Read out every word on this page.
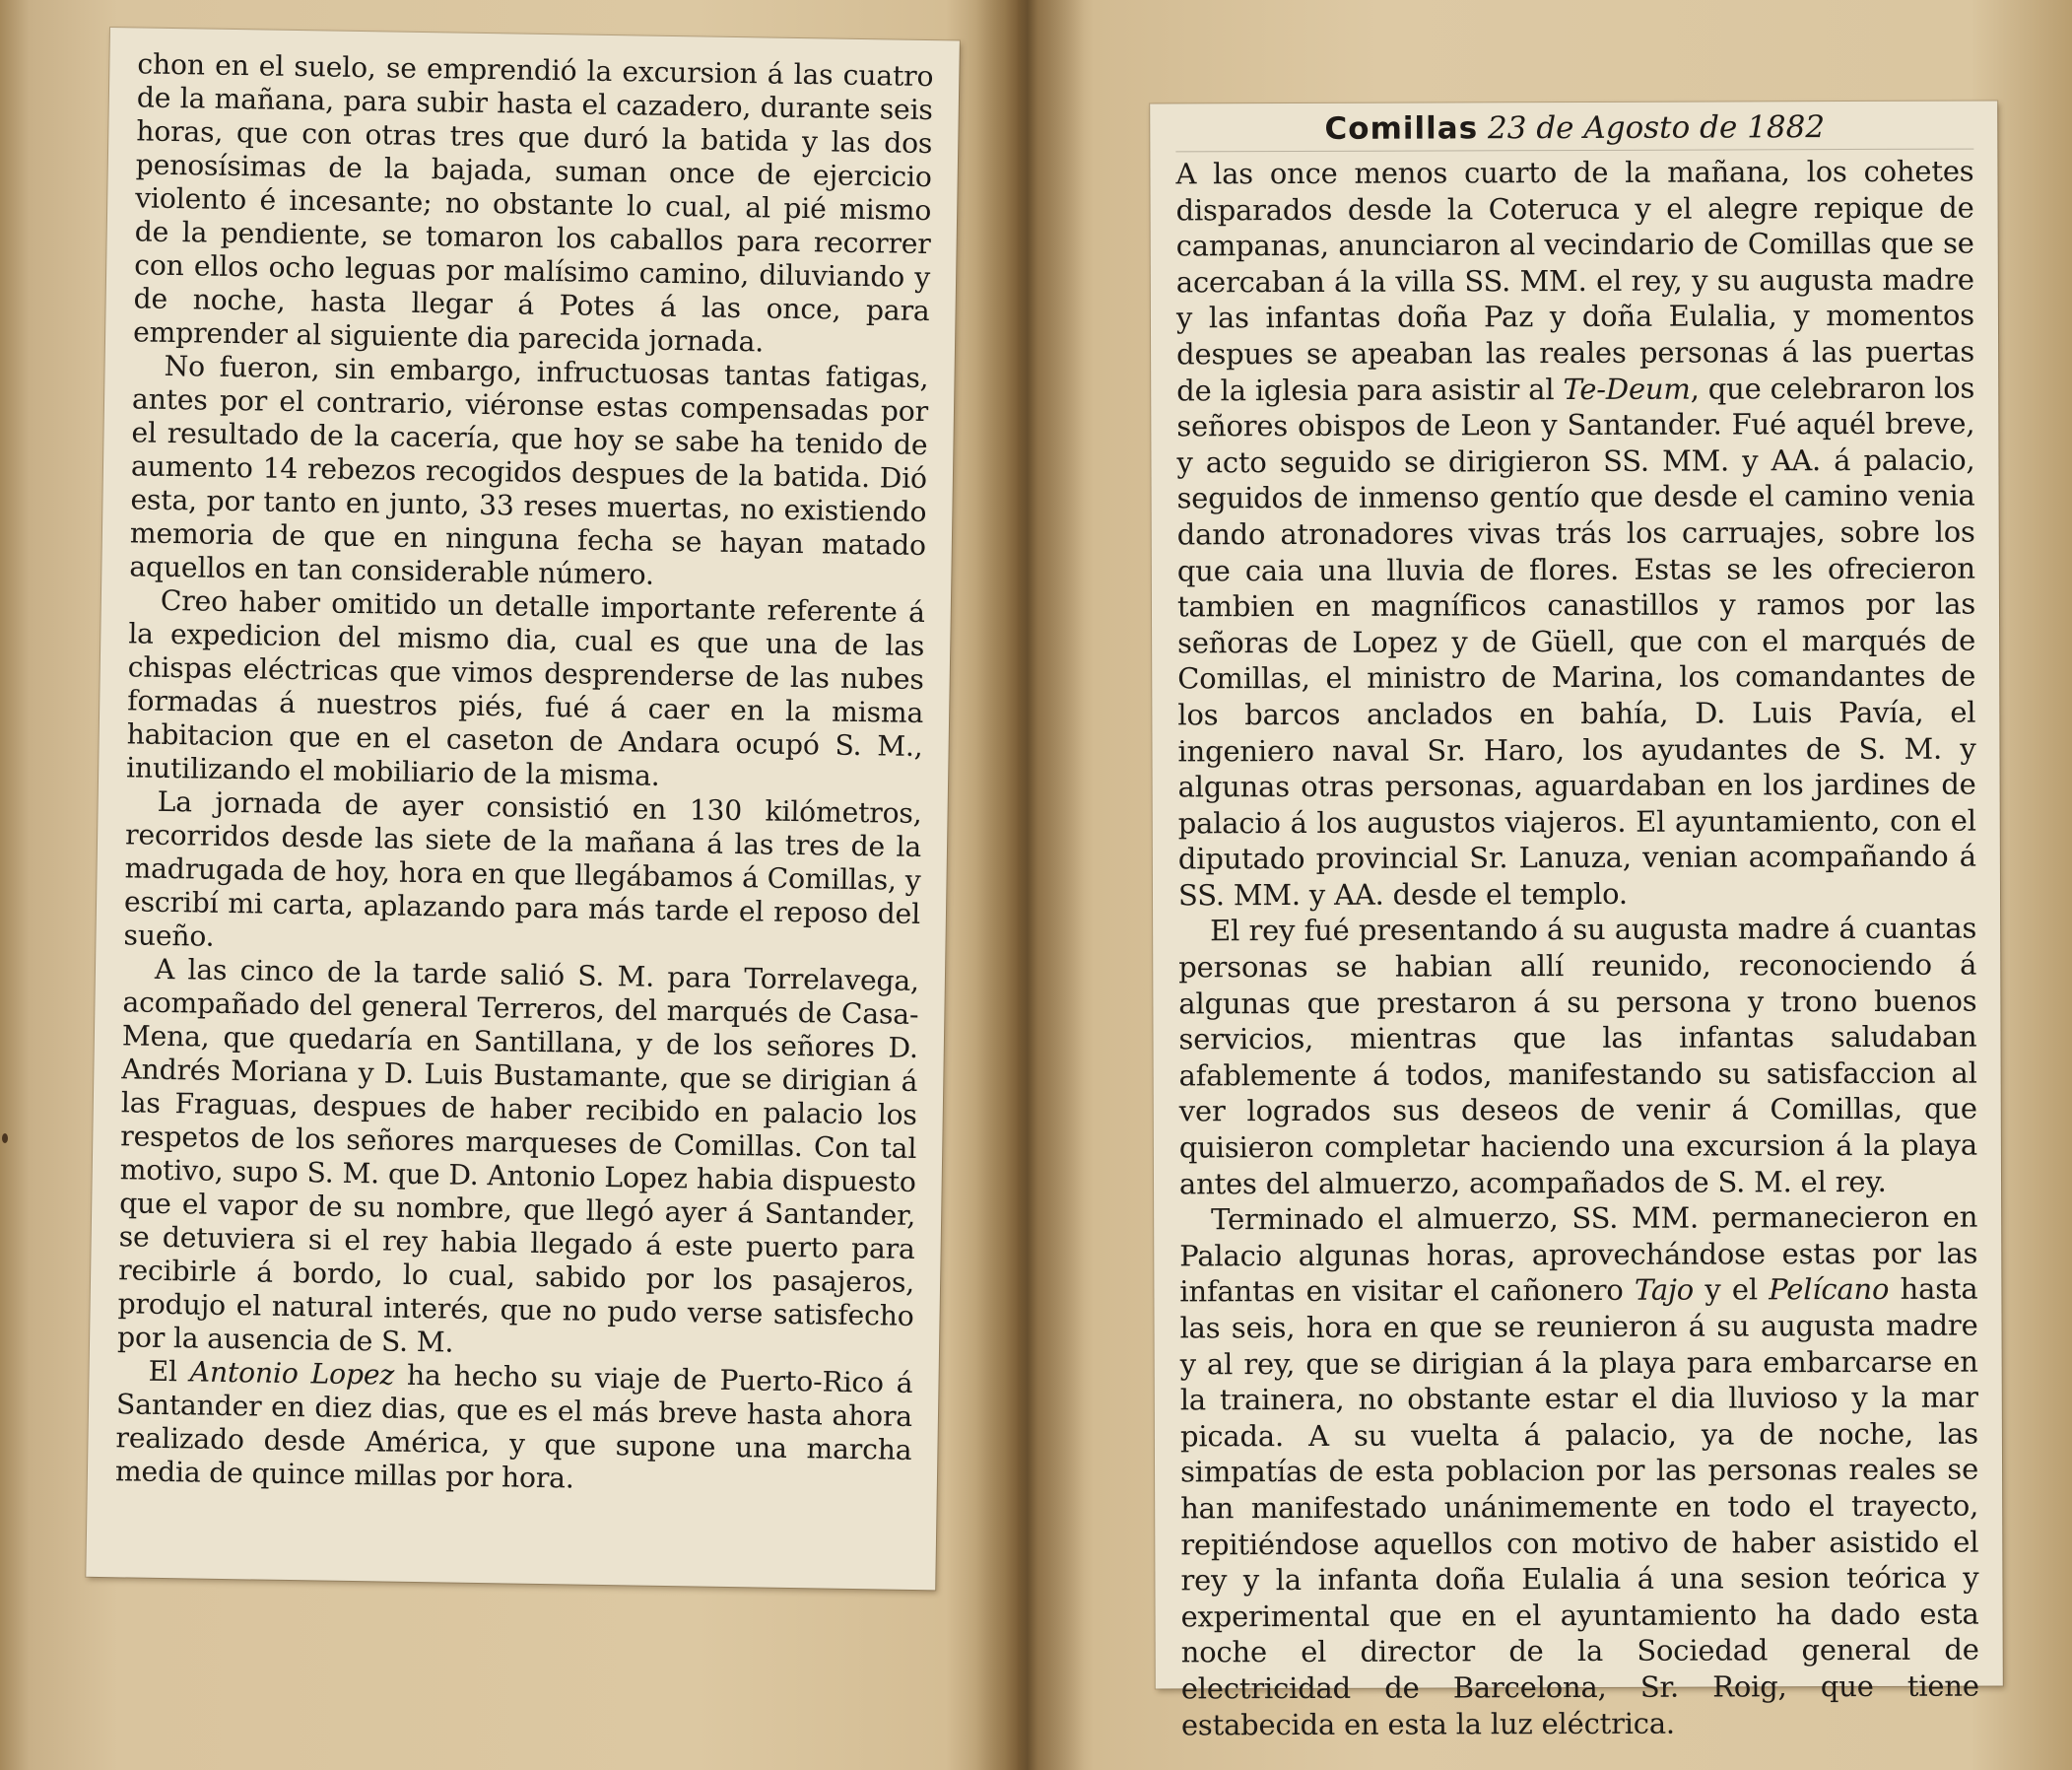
chon en el suelo, se emprendió la excursion á las cuatro de la mañana, para subir hasta el cazadero, durante seis horas, que con otras tres que duró la batida y las dos penosísimas de la bajada, suman once de ejercicio violento é incesante; no obstante lo cual, al pié mismo de la pendiente, se tomaron los caballos para recorrer con ellos ocho leguas por malísimo camino, diluviando y de noche, hasta llegar á Potes á las once, para emprender al siguiente dia parecida jornada.

No fueron, sin embargo, infructuosas tantas fatigas, antes por el contrario, viéronse estas compensadas por el resultado de la cacería, que hoy se sabe ha tenido de aumento 14 rebezos recogidos despues de la batida. Dió esta, por tanto en junto, 33 reses muertas, no existiendo memoria de que en ninguna fecha se hayan matado aquellos en tan considerable número.

Creo haber omitido un detalle importante referente á la expedicion del mismo dia, cual es que una de las chispas eléctricas que vimos desprenderse de las nubes formadas á nuestros piés, fué á caer en la misma habitacion que en el caseton de Andara ocupó S. M., inutilizando el mobiliario de la misma.

La jornada de ayer consistió en 130 kilómetros, recorridos desde las siete de la mañana á las tres de la madrugada de hoy, hora en que llegábamos á Comillas, y escribí mi carta, aplazando para más tarde el reposo del sueño.

A las cinco de la tarde salió S. M. para Torrelavega, acompañado del general Terreros, del marqués de Casa-Mena, que quedaría en Santillana, y de los señores D. Andrés Moriana y D. Luis Bustamante, que se dirigian á las Fraguas, despues de haber recibido en palacio los respetos de los señores marqueses de Comillas. Con tal motivo, supo S. M. que D. Antonio Lopez habia dispuesto que el vapor de su nombre, que llegó ayer á Santander, se detuviera si el rey habia llegado á este puerto para recibirle á bordo, lo cual, sabido por los pasajeros, produjo el natural interés, que no pudo verse satisfecho por la ausencia de S. M.

El Antonio Lopez ha hecho su viaje de Puerto-Rico á Santander en diez dias, que es el más breve hasta ahora realizado desde América, y que supone una marcha media de quince millas por hora.

Comillas 23 de Agosto de 1882

A las once menos cuarto de la mañana, los cohetes disparados desde la Coteruca y el alegre repique de campanas, anunciaron al vecindario de Comillas que se acercaban á la villa SS. MM. el rey, y su augusta madre y las infantas doña Paz y doña Eulalia, y momentos despues se apeaban las reales personas á las puertas de la iglesia para asistir al Te-Deum, que celebraron los señores obispos de Leon y Santander. Fué aquél breve, y acto seguido se dirigieron SS. MM. y AA. á palacio, seguidos de inmenso gentío que desde el camino venia dando atronadores vivas trás los carruajes, sobre los que caia una lluvia de flores. Estas se les ofrecieron tambien en magníficos canastillos y ramos por las señoras de Lopez y de Güell, que con el marqués de Comillas, el ministro de Marina, los comandantes de los barcos anclados en bahía, D. Luis Pavía, el ingeniero naval Sr. Haro, los ayudantes de S. M. y algunas otras personas, aguardaban en los jardines de palacio á los augustos viajeros. El ayuntamiento, con el diputado provincial Sr. Lanuza, venian acompañando á SS. MM. y AA. desde el templo.

El rey fué presentando á su augusta madre á cuantas personas se habian allí reunido, reconociendo á algunas que prestaron á su persona y trono buenos servicios, mientras que las infantas saludaban afablemente á todos, manifestando su satisfaccion al ver logrados sus deseos de venir á Comillas, que quisieron completar haciendo una excursion á la playa antes del almuerzo, acompañados de S. M. el rey.

Terminado el almuerzo, SS. MM. permanecieron en Palacio algunas horas, aprovechándose estas por las infantas en visitar el cañonero Tajo y el Pelícano hasta las seis, hora en que se reunieron á su augusta madre y al rey, que se dirigian á la playa para embarcarse en la trainera, no obstante estar el dia lluvioso y la mar picada. A su vuelta á palacio, ya de noche, las simpatías de esta poblacion por las personas reales se han manifestado unánimemente en todo el trayecto, repitiéndose aquellos con motivo de haber asistido el rey y la infanta doña Eulalia á una sesion teórica y experimental que en el ayuntamiento ha dado esta noche el director de la Sociedad general de electricidad de Barcelona, Sr. Roig, que tiene estabecida en esta la luz eléctrica.
